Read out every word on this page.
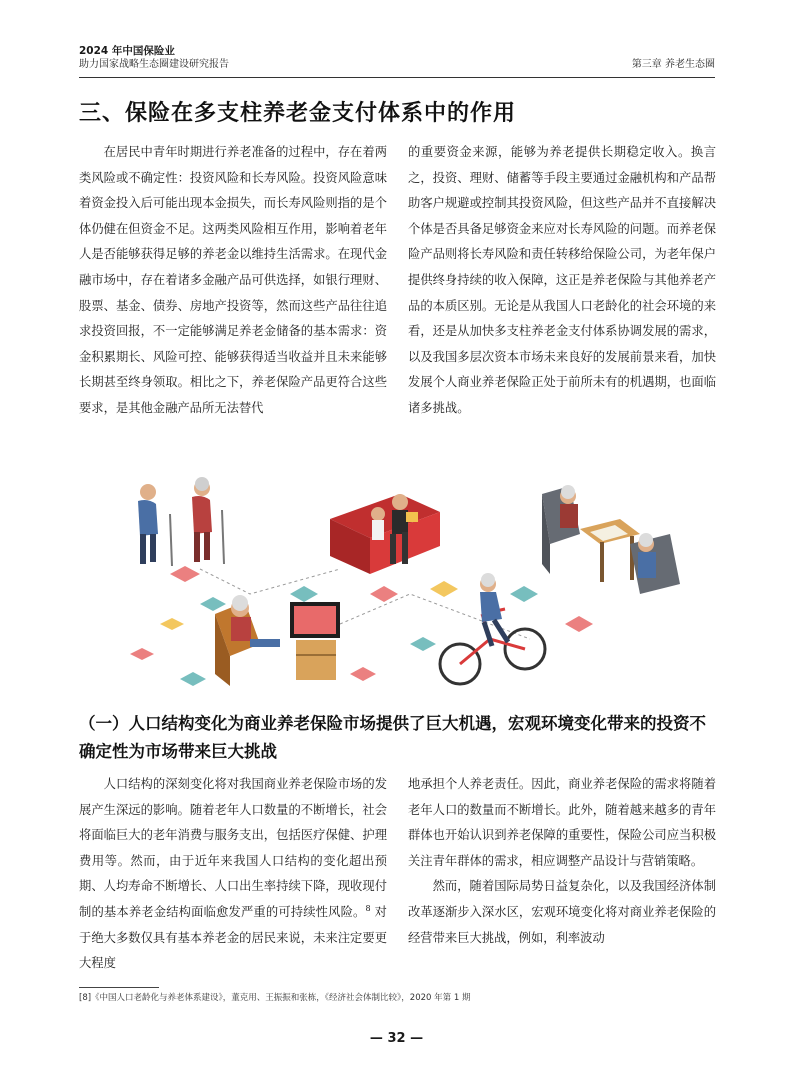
2024 年中国保险业
助力国家战略生态圈建设研究报告	第三章 养老生态圈
三、保险在多支柱养老金支付体系中的作用

在居民中青年时期进行养老准备的过程中，存在着两类风险或不确定性：投资风险和长寿风险。投资风险意味着资金投入后可能出现本金损失，而长寿风险则指的是个体仍健在但资金不足。这两类风险相互作用，影响着老年人是否能够获得足够的养老金以维持生活需求。在现代金融市场中，存在着诸多金融产品可供选择，如银行理财、股票、基金、债券、房地产投资等，然而这些产品往往追求投资回报，不一定能够满足养老金储备的基本需求：资金积累期长、风险可控、能够获得适当收益并且未来能够长期甚至终身领取。相比之下，养老保险产品更符合这些要求，是其他金融产品所无法替代

的重要资金来源，能够为养老提供长期稳定收入。换言之，投资、理财、储蓄等手段主要通过金融机构和产品帮助客户规避或控制其投资风险，但这些产品并不直接解决个体是否具备足够资金来应对长寿风险的问题。而养老保险产品则将长寿风险和责任转移给保险公司，为老年保户提供终身持续的收入保障，这正是养老保险与其他养老产品的本质区别。无论是从我国人口老龄化的社会环境的来看，还是从加快多支柱养老金支付体系协调发展的需求，以及我国多层次资本市场未来良好的发展前景来看，加快发展个人商业养老保险正处于前所未有的机遇期，也面临诸多挑战。

（一）人口结构变化为商业养老保险市场提供了巨大机遇，宏观环境变化带来的投资不确定性为市场带来巨大挑战

人口结构的深刻变化将对我国商业养老保险市场的发展产生深远的影响。随着老年人口数量的不断增长，社会将面临巨大的老年消费与服务支出，包括医疗保健、护理费用等。然而，由于近年来我国人口结构的变化超出预期、人均寿命不断增长、人口出生率持续下降，现收现付制的基本养老金结构面临愈发严重的可持续性风险。$^8$ 对于绝大多数仅具有基本养老金的居民来说，未来注定要更大程度

地承担个人养老责任。因此，商业养老保险的需求将随着老年人口的数量而不断增长。此外，随着越来越多的青年群体也开始认识到养老保障的重要性，保险公司应当积极关注青年群体的需求，相应调整产品设计与营销策略。

然而，随着国际局势日益复杂化，以及我国经济体制改革逐渐步入深水区，宏观环境变化将对商业养老保险的经营带来巨大挑战，例如，利率波动

[8]《中国人口老龄化与养老体系建设》，董克用、王振振和张栋，《经济社会体制比较》，2020 年第 1 期
— 32 —
